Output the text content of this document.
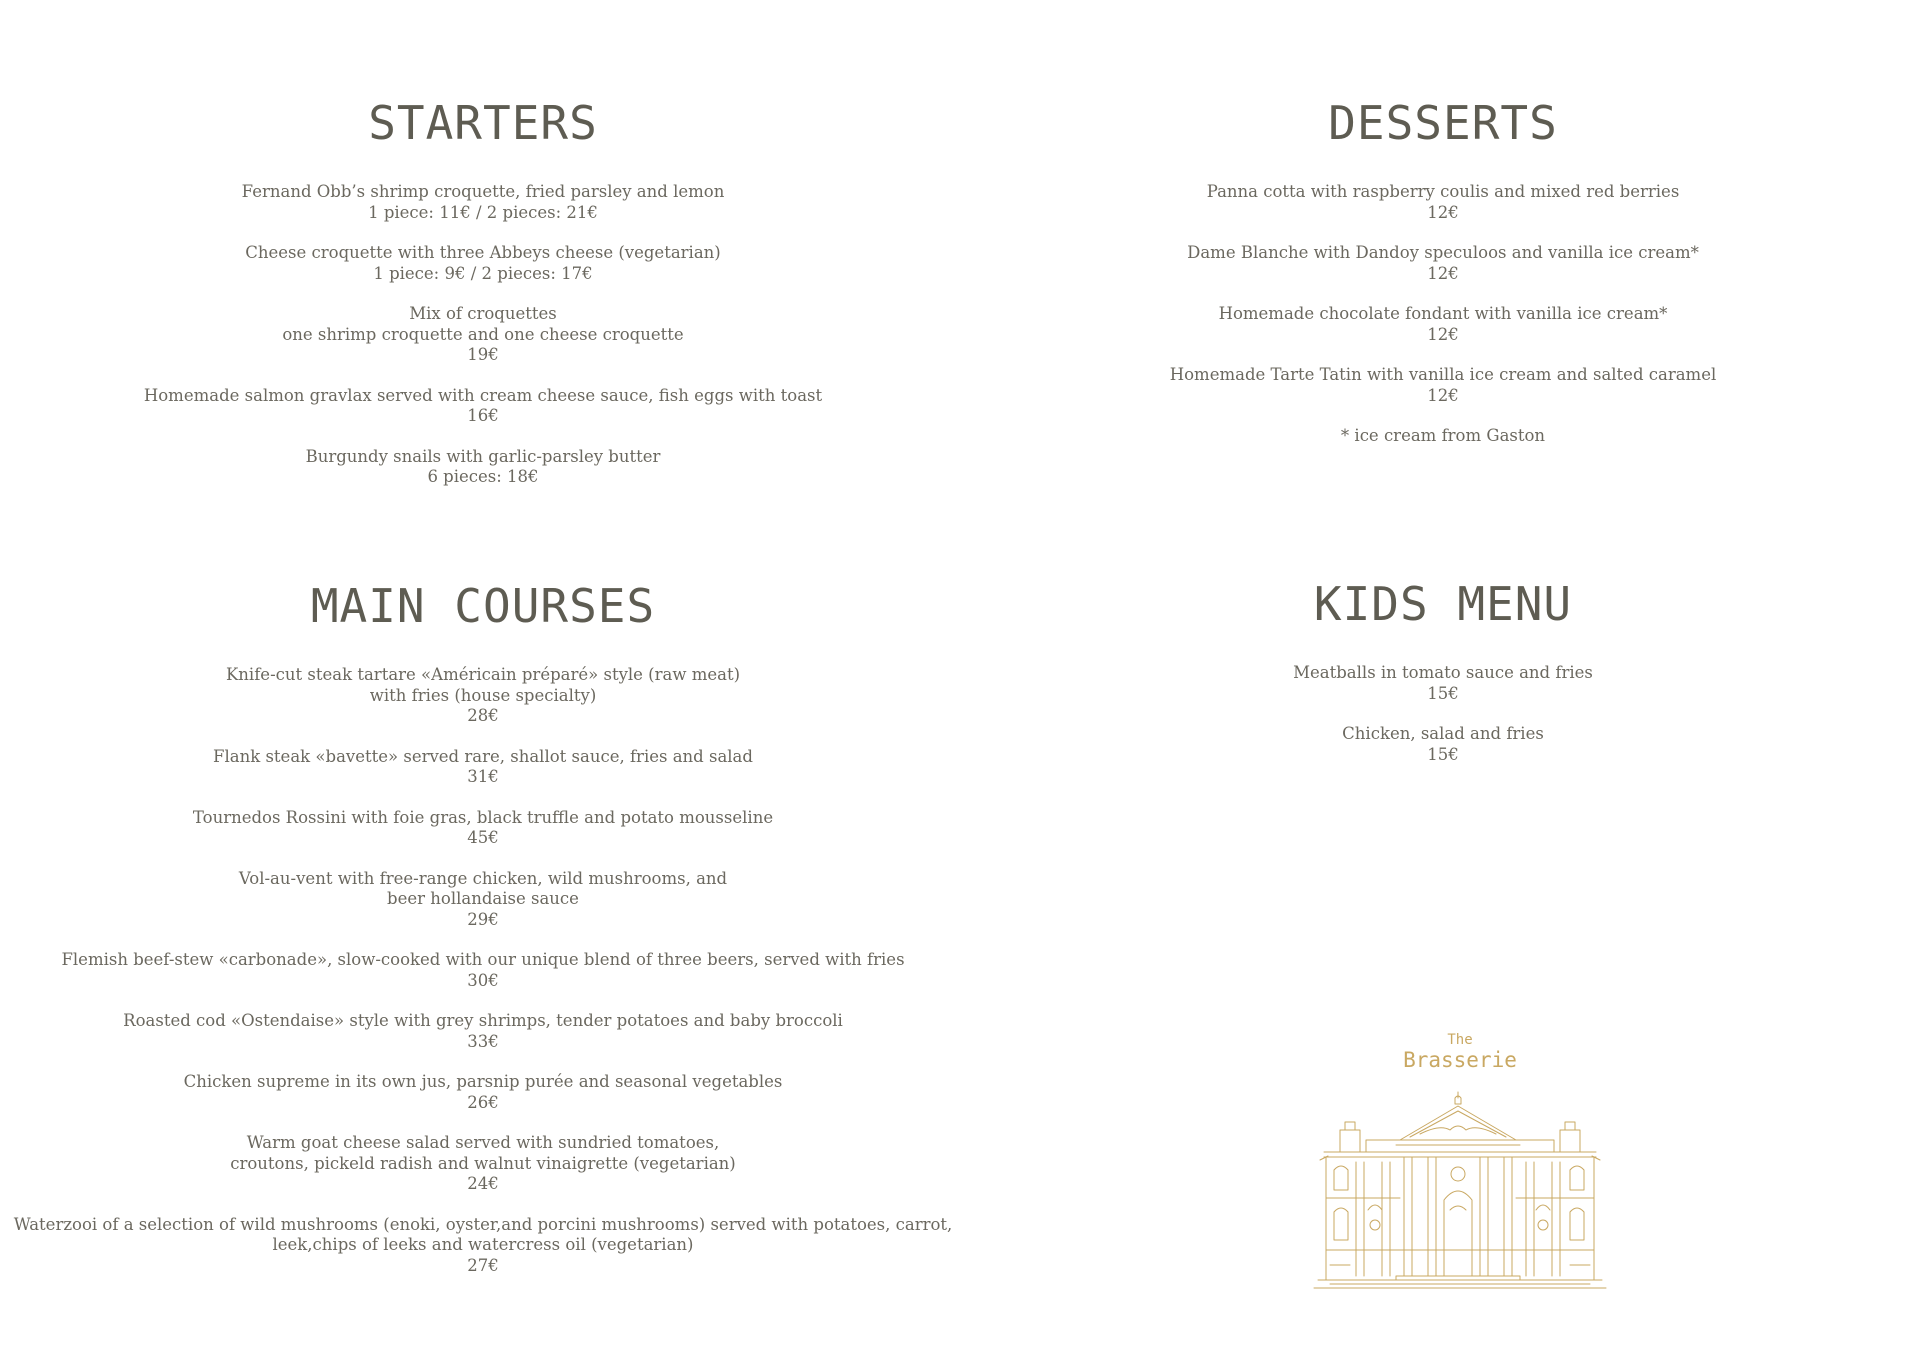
STARTERS
Fernand Obb’s shrimp croquette, fried parsley and lemon
1 piece: 11€ / 2 pieces: 21€
Cheese croquette with three Abbeys cheese (vegetarian)
1 piece: 9€ / 2 pieces: 17€
Mix of croquettes
one shrimp croquette and one cheese croquette
19€
Homemade salmon gravlax served with cream cheese sauce, fish eggs with toast
16€
Burgundy snails with garlic-parsley butter
6 pieces: 18€
DESSERTS
Panna cotta with raspberry coulis and mixed red berries
12€
Dame Blanche with Dandoy speculoos and vanilla ice cream*
12€
Homemade chocolate fondant with vanilla ice cream*
12€
Homemade Tarte Tatin with vanilla ice cream and salted caramel
12€
* ice cream from Gaston
MAIN COURSES
Knife-cut steak tartare «Américain préparé» style (raw meat)
with fries (house specialty)
28€
Flank steak «bavette» served rare, shallot sauce, fries and salad
31€
Tournedos Rossini with foie gras, black truffle and potato mousseline
45€
Vol-au-vent with free-range chicken, wild mushrooms, and
beer hollandaise sauce
29€
Flemish beef-stew «carbonade», slow-cooked with our unique blend of three beers, served with fries
30€
Roasted cod «Ostendaise» style with grey shrimps, tender potatoes and baby broccoli
33€
Chicken supreme in its own jus, parsnip purée and seasonal vegetables
26€
Warm goat cheese salad served with sundried tomatoes,
croutons, pickeld radish and walnut vinaigrette (vegetarian)
24€
Waterzooi of a selection of wild mushrooms (enoki, oyster,and porcini mushrooms) served with potatoes, carrot,
leek,chips of leeks and watercress oil (vegetarian)
27€
KIDS MENU
Meatballs in tomato sauce and fries
15€
Chicken, salad and fries
15€
The
Brasserie
